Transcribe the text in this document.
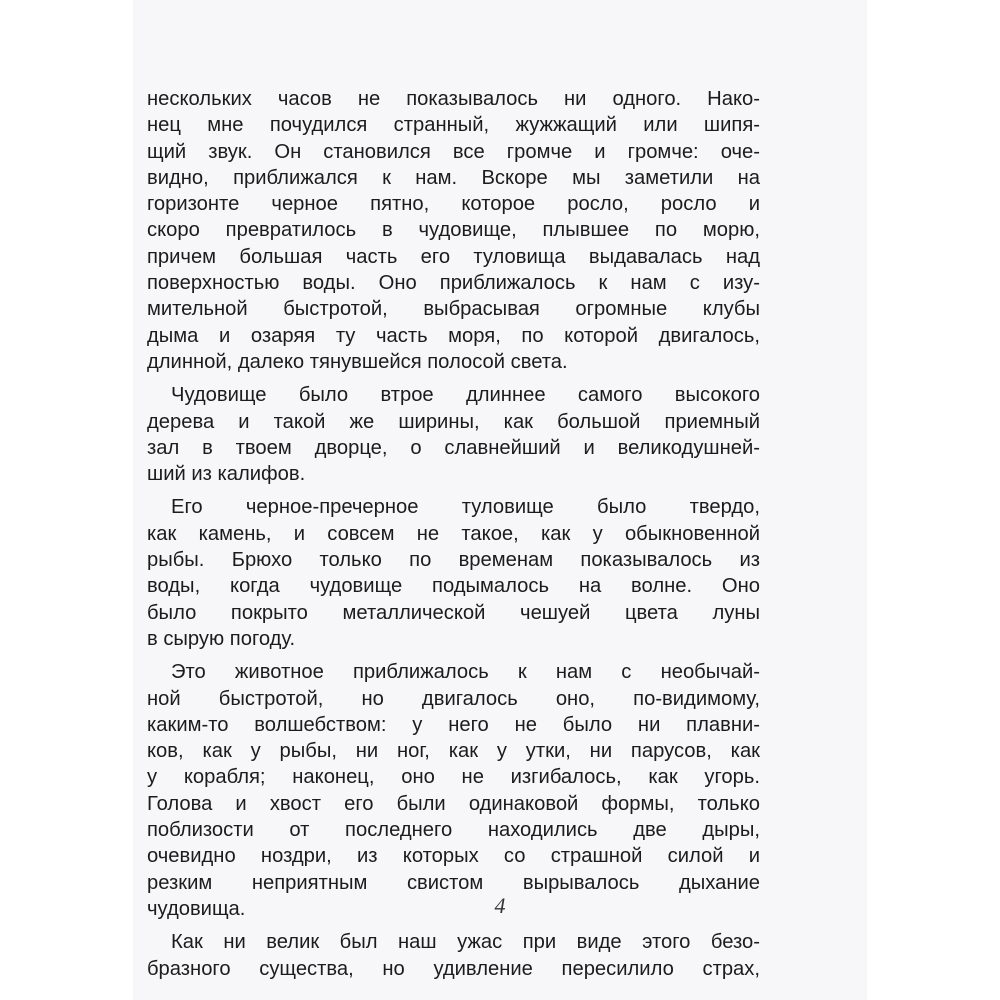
нескольких часов не показывалось ни одного. Нако-
нец мне почудился странный, жужжащий или шипя-
щий звук. Он становился все громче и громче: оче-
видно, приближался к нам. Вскоре мы заметили на
горизонте черное пятно, которое росло, росло и
скоро превратилось в чудовище, плывшее по морю,
причем большая часть его туловища выдавалась над
поверхностью воды. Оно приближалось к нам с изу-
мительной быстротой, выбрасывая огромные клубы
дыма и озаряя ту часть моря, по которой двигалось,
длинной, далеко тянувшейся полосой света.
Чудовище было втрое длиннее самого высокого
дерева и такой же ширины, как большой приемный
зал в твоем дворце, о славнейший и великодушней-
ший из калифов.
Его черное-пречерное туловище было твердо,
как камень, и совсем не такое, как у обыкновенной
рыбы. Брюхо только по временам показывалось из
воды, когда чудовище подымалось на волне. Оно
было покрыто металлической чешуей цвета луны
в сырую погоду.
Это животное приближалось к нам с необычай-
ной быстротой, но двигалось оно, по-видимому,
каким-то волшебством: у него не было ни плавни-
ков, как у рыбы, ни ног, как у утки, ни парусов, как
у корабля; наконец, оно не изгибалось, как угорь.
Голова и хвост его были одинаковой формы, только
поблизости от последнего находились две дыры,
очевидно ноздри, из которых со страшной силой и
резким неприятным свистом вырывалось дыхание
чудовища.
Как ни велик был наш ужас при виде этого безо-
бразного существа, но удивление пересилило страх,
4
